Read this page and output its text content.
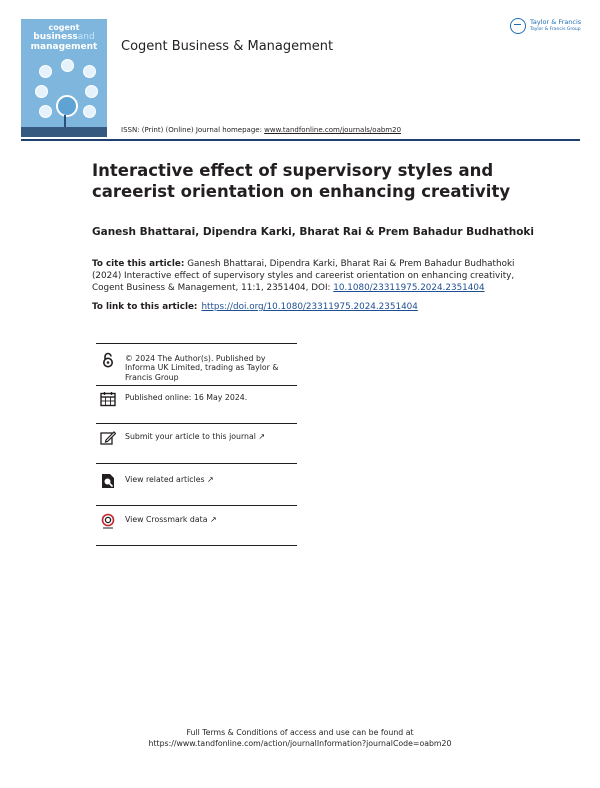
cogent
businessand
management	Cogent Business & Management
Taylor & Francis
Taylor & Francis Group
ISSN: (Print) (Online) Journal homepage: www.tandfonline.com/journals/oabm20
Interactive effect of supervisory styles and careerist orientation on enhancing creativity
Ganesh Bhattarai, Dipendra Karki, Bharat Rai & Prem Bahadur Budhathoki
To cite this article: Ganesh Bhattarai, Dipendra Karki, Bharat Rai & Prem Bahadur Budhathoki (2024) Interactive effect of supervisory styles and careerist orientation on enhancing creativity, Cogent Business & Management, 11:1, 2351404, DOI: 10.1080/23311975.2024.2351404
To link to this article: https://doi.org/10.1080/23311975.2024.2351404
© 2024 The Author(s). Published by Informa UK Limited, trading as Taylor & Francis Group
Published online: 16 May 2024.
Submit your article to this journal ↗
View related articles ↗
View Crossmark data ↗
Full Terms & Conditions of access and use can be found at
https://www.tandfonline.com/action/journalInformation?journalCode=oabm20
